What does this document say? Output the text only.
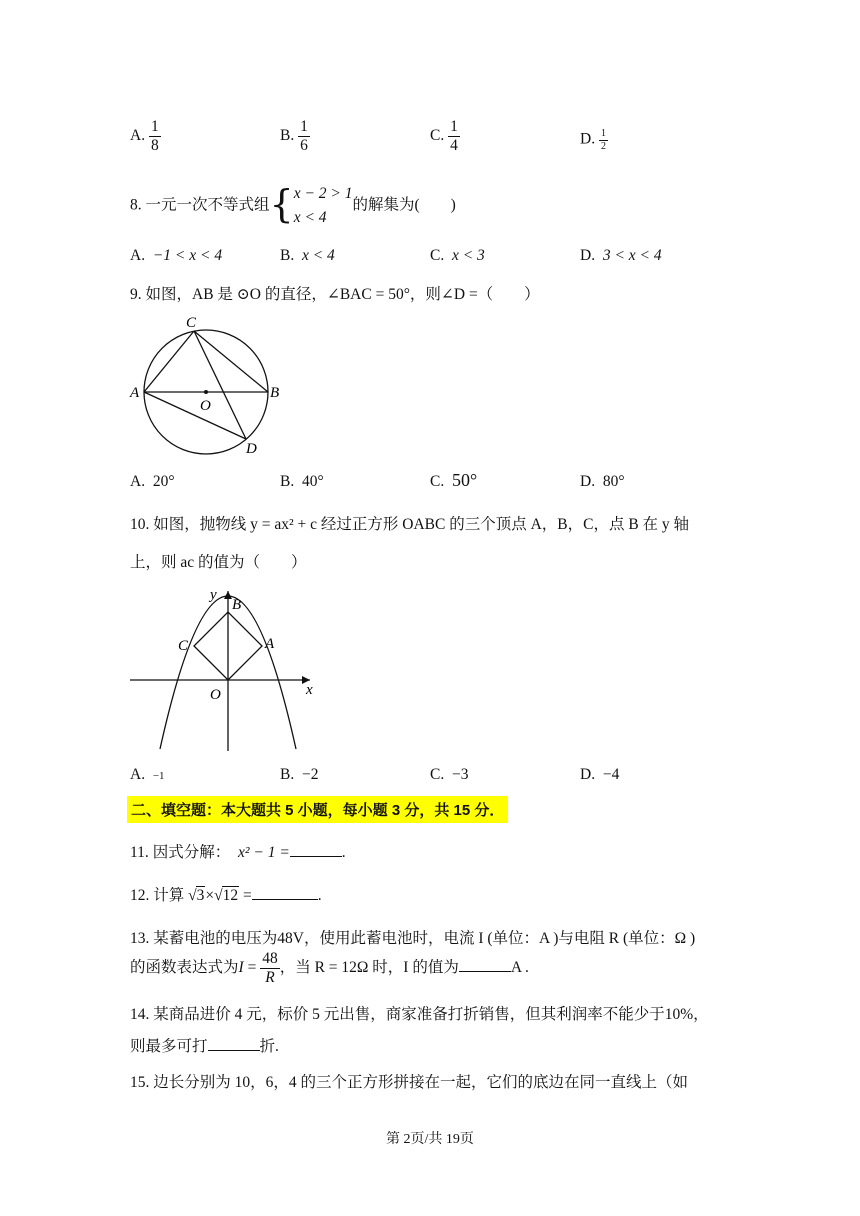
A. $\frac{1}{8}$	B. $\frac{1}{6}$	C. $\frac{1}{4}$	D. $\frac{1}{2}$
8. 一元一次不等式组{ x − 2 > 1
x < 4
的解集为(　　)
A. −1 < x < 4	B. x < 4	C. x < 3	D. 3 < x < 4
9. 如图，AB 是 ⊙O 的直径，∠BAC = 50°，则∠D =（　　）
C
A	B
O
D
A. 20°	B. 40°	C. 50°	D. 80°
10. 如图，抛物线 y = ax² + c 经过正方形 OABC 的三个顶点 A，B，C，点 B 在 y 轴
上，则 ac 的值为（　　）
y
B
C	A
O	x
A. −1	B. −2	C. −3	D. −4
二、填空题：本大题共 5 小题，每小题 3 分，共 15 分．
11. 因式分解： x² − 1 =	.
12. 计算 √3×√12 =	.
13. 某蓄电池的电压为48V，使用此蓄电池时，电流 I (单位：A )与电阻 R (单位：Ω )
的函数表达式为$I = \frac{48}{R}$ ，当 R = 12Ω 时，I 的值为	A .
14. 某商品进价 4 元，标价 5 元出售，商家准备打折销售，但其利润率不能少于10%，
则最多可打	折.
15. 边长分别为 10，6，4 的三个正方形拼接在一起，它们的底边在同一直线上（如
第 2页/共 19页
